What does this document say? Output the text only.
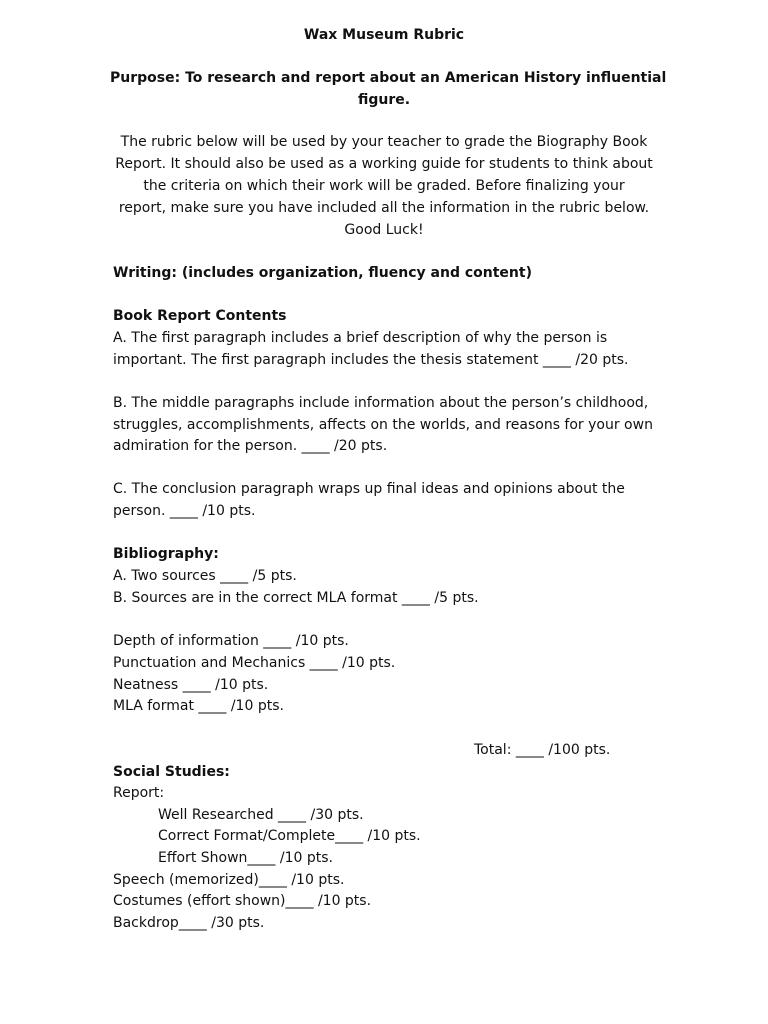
Wax Museum Rubric

Purpose: To research and report about an American History influential

figure.

The rubric below will be used by your teacher to grade the Biography Book

Report. It should also be used as a working guide for students to think about

the criteria on which their work will be graded. Before finalizing your

report, make sure you have included all the information in the rubric below.

Good Luck!

Writing: (includes organization, fluency and content)

Book Report Contents

A. The first paragraph includes a brief description of why the person is

important. The first paragraph includes the thesis statement ____ /20 pts.

B. The middle paragraphs include information about the person’s childhood,

struggles, accomplishments, affects on the worlds, and reasons for your own

admiration for the person. ____ /20 pts.

C. The conclusion paragraph wraps up final ideas and opinions about the

person. ____ /10 pts.

Bibliography:

A. Two sources ____ /5 pts.

B. Sources are in the correct MLA format ____ /5 pts.

Depth of information ____ /10 pts.

Punctuation and Mechanics ____ /10 pts.

Neatness ____ /10 pts.

MLA format ____ /10 pts.

Total: ____ /100 pts.

Social Studies:

Report:

Well Researched ____ /30 pts.

Correct Format/Complete____ /10 pts.

Effort Shown____ /10 pts.

Speech (memorized)____ /10 pts.

Costumes (effort shown)____ /10 pts.

Backdrop____ /30 pts.
